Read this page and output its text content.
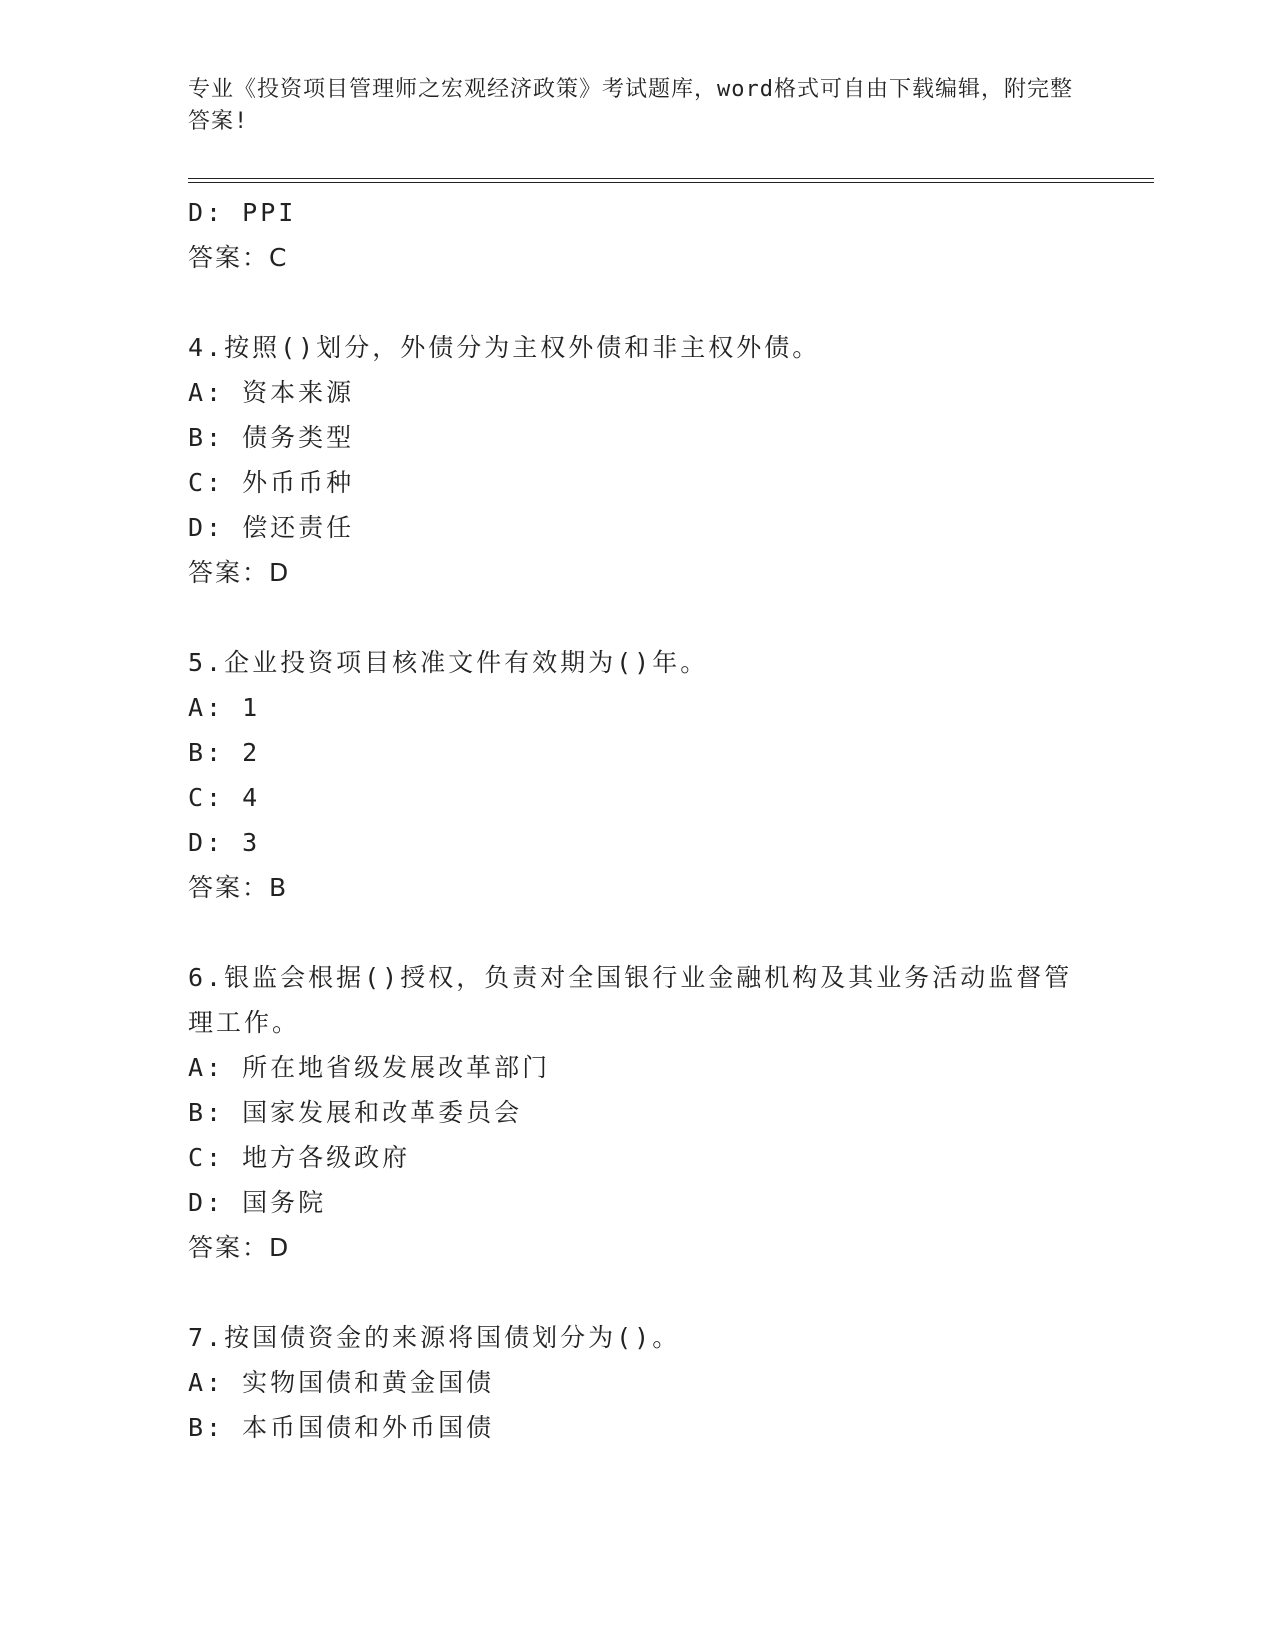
专业《投资项目管理师之宏观经济政策》考试题库，word格式可自由下载编辑，附完整答案!
D: PPI
答案：C
4.按照()划分，外债分为主权外债和非主权外债。
A: 资本来源
B: 债务类型
C: 外币币种
D: 偿还责任
答案：D
5.企业投资项目核准文件有效期为()年。
A: 1
B: 2
C: 4
D: 3
答案：B
6.银监会根据()授权，负责对全国银行业金融机构及其业务活动监督管理工作。
A: 所在地省级发展改革部门
B: 国家发展和改革委员会
C: 地方各级政府
D: 国务院
答案：D
7.按国债资金的来源将国债划分为()。
A: 实物国债和黄金国债
B: 本币国债和外币国债
